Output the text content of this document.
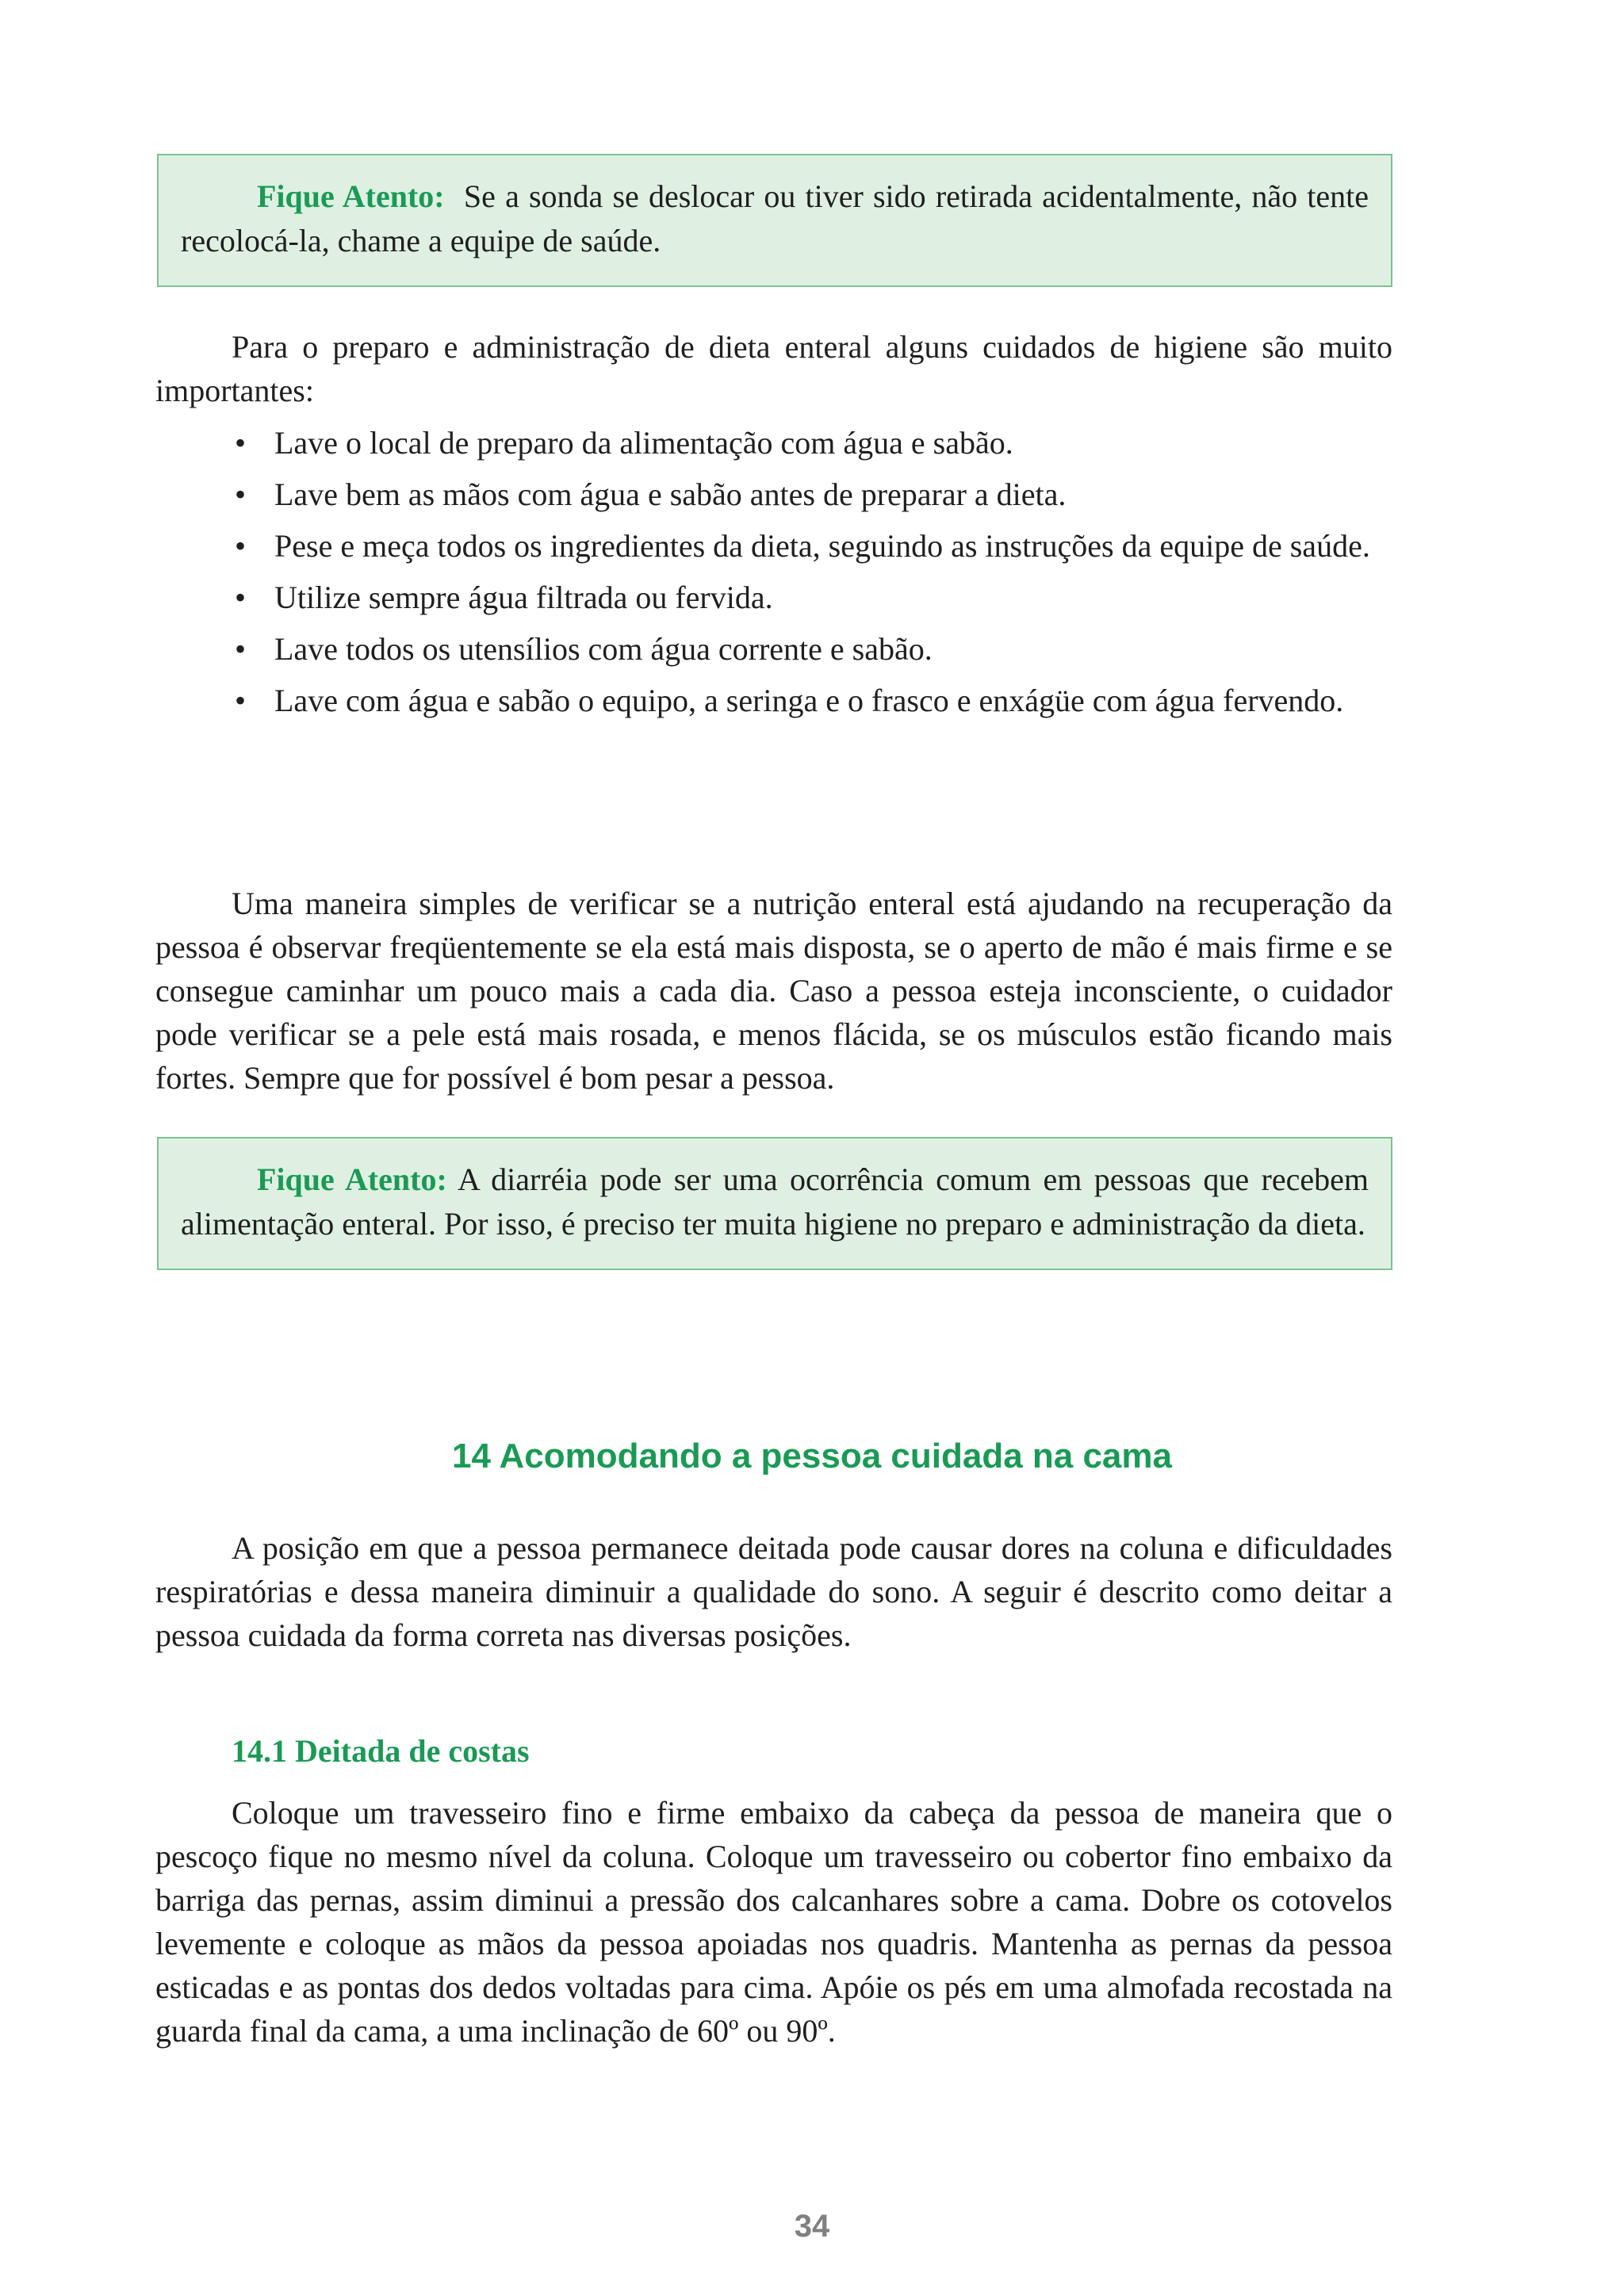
Fique Atento: Se a sonda se deslocar ou tiver sido retirada acidentalmente, não tente recolocá-la, chame a equipe de saúde.

Para o preparo e administração de dieta enteral alguns cuidados de higiene são muito importantes:

• Lave o local de preparo da alimentação com água e sabão.
• Lave bem as mãos com água e sabão antes de preparar a dieta.
• Pese e meça todos os ingredientes da dieta, seguindo as instruções da equipe de saúde.
• Utilize sempre água filtrada ou fervida.
• Lave todos os utensílios com água corrente e sabão.
• Lave com água e sabão o equipo, a seringa e o frasco e enxágüe com água fervendo.

Uma maneira simples de verificar se a nutrição enteral está ajudando na recuperação da pessoa é observar freqüentemente se ela está mais disposta, se o aperto de mão é mais firme e se consegue caminhar um pouco mais a cada dia. Caso a pessoa esteja inconsciente, o cuidador pode verificar se a pele está mais rosada, e menos flácida, se os músculos estão ficando mais fortes. Sempre que for possível é bom pesar a pessoa.

Fique Atento: A diarréia pode ser uma ocorrência comum em pessoas que recebem alimentação enteral. Por isso, é preciso ter muita higiene no preparo e administração da dieta.

14 Acomodando a pessoa cuidada na cama

A posição em que a pessoa permanece deitada pode causar dores na coluna e dificuldades respiratórias e dessa maneira diminuir a qualidade do sono. A seguir é descrito como deitar a pessoa cuidada da forma correta nas diversas posições.

14.1 Deitada de costas

Coloque um travesseiro fino e firme embaixo da cabeça da pessoa de maneira que o pescoço fique no mesmo nível da coluna. Coloque um travesseiro ou cobertor fino embaixo da barriga das pernas, assim diminui a pressão dos calcanhares sobre a cama. Dobre os cotovelos levemente e coloque as mãos da pessoa apoiadas nos quadris. Mantenha as pernas da pessoa esticadas e as pontas dos dedos voltadas para cima. Apóie os pés em uma almofada recostada na guarda final da cama, a uma inclinação de 60º ou 90º.

34
